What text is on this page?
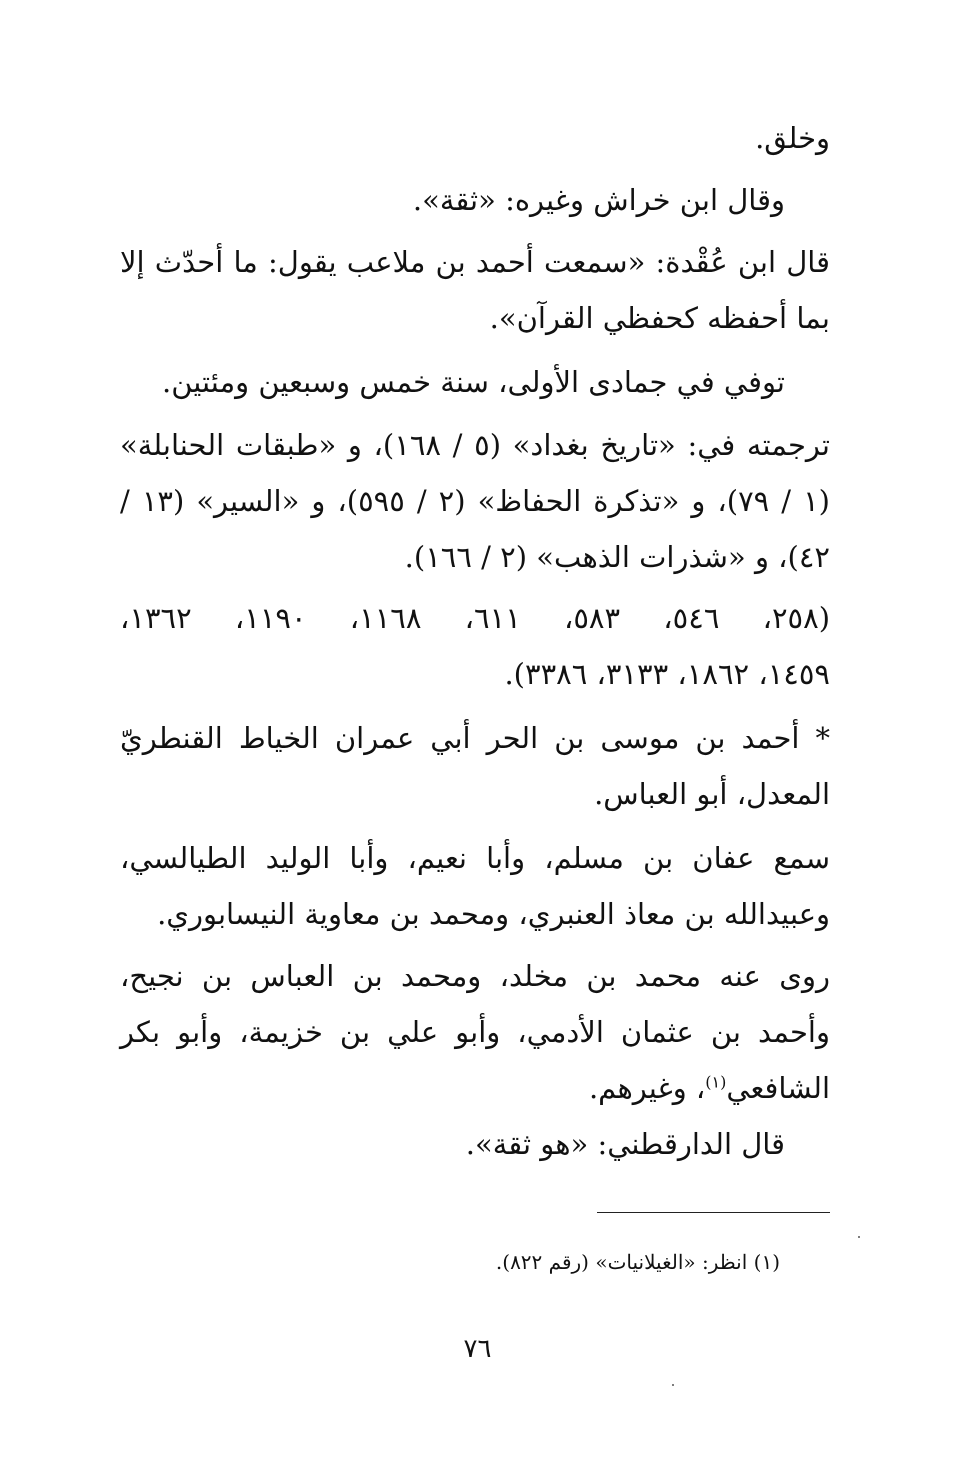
وخلق.
وقال ابن خراش وغيره: «ثقة».
قال ابن عُقْدة: «سمعت أحمد بن ملاعب يقول: ما أحدّث إلا
بما أحفظه كحفظي القرآن».
توفي في جمادى الأولى، سنة خمس وسبعين ومئتين.
ترجمته في: «تاريخ بغداد» (٥ / ١٦٨)، و «طبقات الحنابلة»
(١ / ٧٩)، و «تذكرة الحفاظ» (٢ / ٥٩٥)، و «السير» (١٣ /
٤٢)، و «شذرات الذهب» (٢ / ١٦٦).
(٢٥٨، ٥٤٦، ٥٨٣، ٦١١، ١١٦٨، ١١٩٠، ١٣٦٢،
١٤٥٩، ١٨٦٢، ٣١٣٣، ٣٣٨٦).
* أحمد بن موسى بن الحر أبي عمران الخياط القنطريّ
المعدل، أبو العباس.
سمع عفان بن مسلم، وأبا نعيم، وأبا الوليد الطيالسي،
وعبيدالله بن معاذ العنبري، ومحمد بن معاوية النيسابوري.
روى عنه محمد بن مخلد، ومحمد بن العباس بن نجيح،
وأحمد بن عثمان الأدمي، وأبو علي بن خزيمة، وأبو بكر
الشافعي$^{(١)}$، وغيرهم.
قال الدارقطني: «هو ثقة».
(١) انظر: «الغيلانيات» (رقم ٨٢٢).
٧٦
